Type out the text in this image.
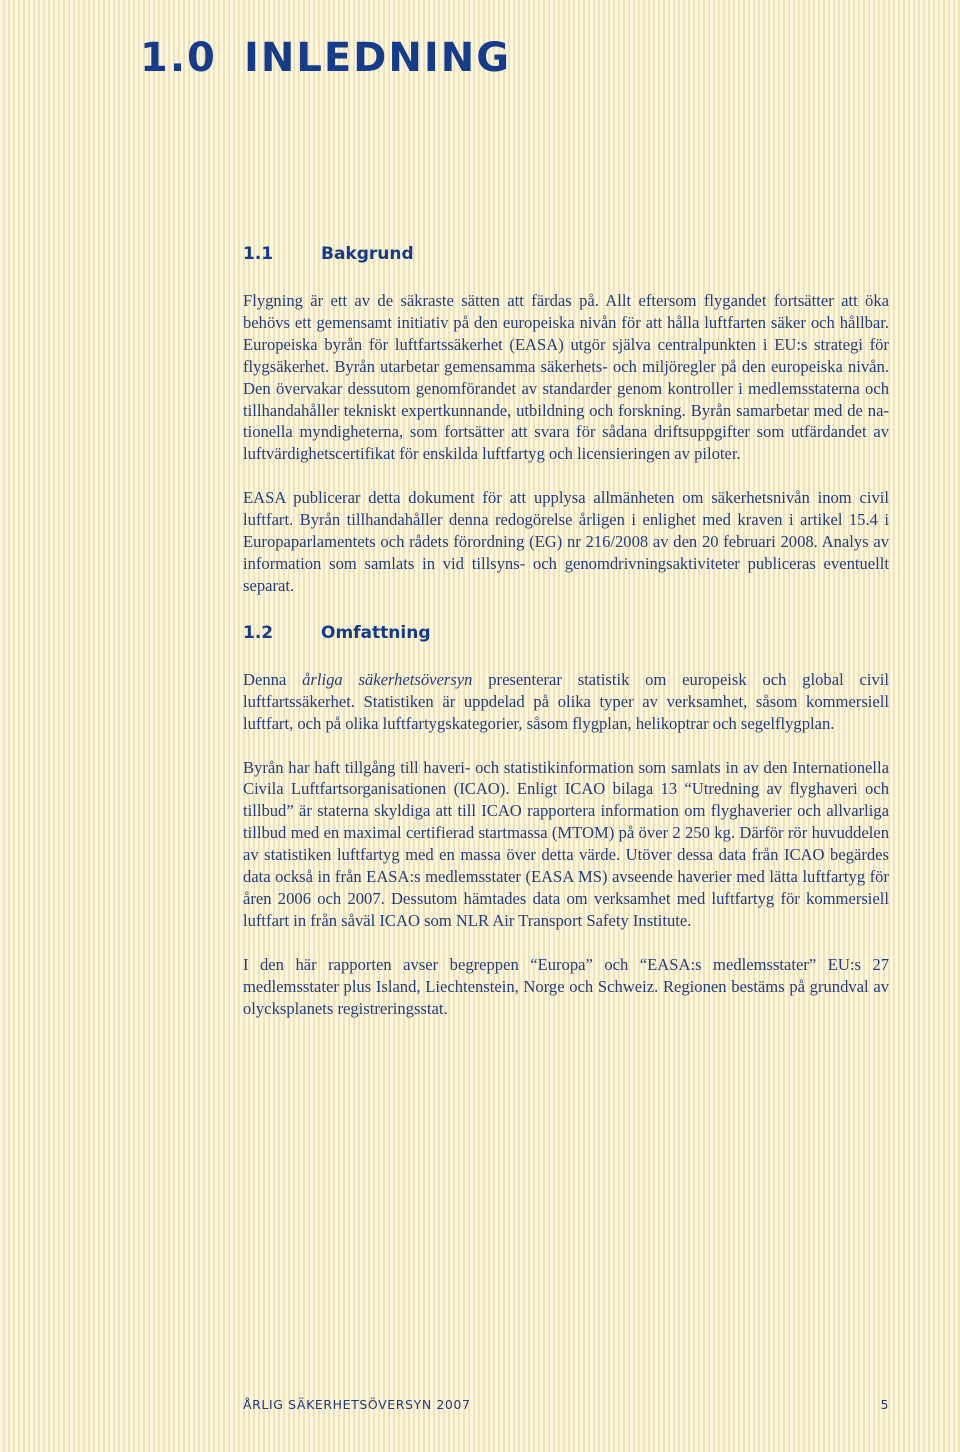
1.0 INLEDNING
1.1	Bakgrund

Flygning är ett av de säkraste sätten att färdas på. Allt eftersom flygandet fortsätter att öka behövs ett gemensamt initiativ på den europeiska nivån för att hålla luftfarten säker och hållbar. Europeiska byrån för luftfartssäkerhet (EASA) utgör själva centralpunkten i EU:s strategi för flygsäkerhet. Byrån utarbetar gemensamma säkerhets- och miljöregler på den europeiska nivån. Den övervakar dessutom genomförandet av standarder genom kontroller i medlemsstaterna och tillhandahåller tekniskt expertkunnande, utbildning och forskning. Byrån samarbetar med de nationella myndigheterna, som fortsätter att svara för sådana driftsuppgifter som utfärdandet av luftvärdighetscertifikat för enskilda luftfartyg och licensieringen av piloter.

EASA publicerar detta dokument för att upplysa allmänheten om säkerhetsnivån inom civil luftfart. Byrån tillhandahåller denna redogörelse årligen i enlighet med kraven i artikel 15.4 i Europaparlamentets och rådets förordning (EG) nr 216/2008 av den 20 februari 2008. Analys av information som samlats in vid tillsyns- och genomdrivningsaktiviteter publiceras eventuellt separat.

1.2	Omfattning

Denna årliga säkerhetsöversyn presenterar statistik om europeisk och global civil luftfartssäkerhet. Statistiken är uppdelad på olika typer av verksamhet, såsom kommersiell luftfart, och på olika luftfartygskategorier, såsom flygplan, helikoptrar och segelflygplan.

Byrån har haft tillgång till haveri- och statistikinformation som samlats in av den Internationella Civila Luftfartsorganisationen (ICAO). Enligt ICAO bilaga 13 “Utredning av flyghaveri och tillbud” är staterna skyldiga att till ICAO rapportera information om flyghaverier och allvarliga tillbud med en maximal certifierad startmassa (MTOM) på över 2 250 kg. Därför rör huvuddelen av statistiken luftfartyg med en massa över detta värde. Utöver dessa data från ICAO begärdes data också in från EASA:s medlemsstater (EASA MS) avseende haverier med lätta luftfartyg för åren 2006 och 2007. Dessutom hämtades data om verksamhet med luftfartyg för kommersiell luftfart in från såväl ICAO som NLR Air Transport Safety Institute.

I den här rapporten avser begreppen “Europa” och “EASA:s medlemsstater” EU:s 27 medlemsstater plus Island, Liechtenstein, Norge och Schweiz. Regionen bestäms på grundval av olycksplanets registreringsstat.

ÅRLIG SÄKERHETSÖVERSYN 2007	5
